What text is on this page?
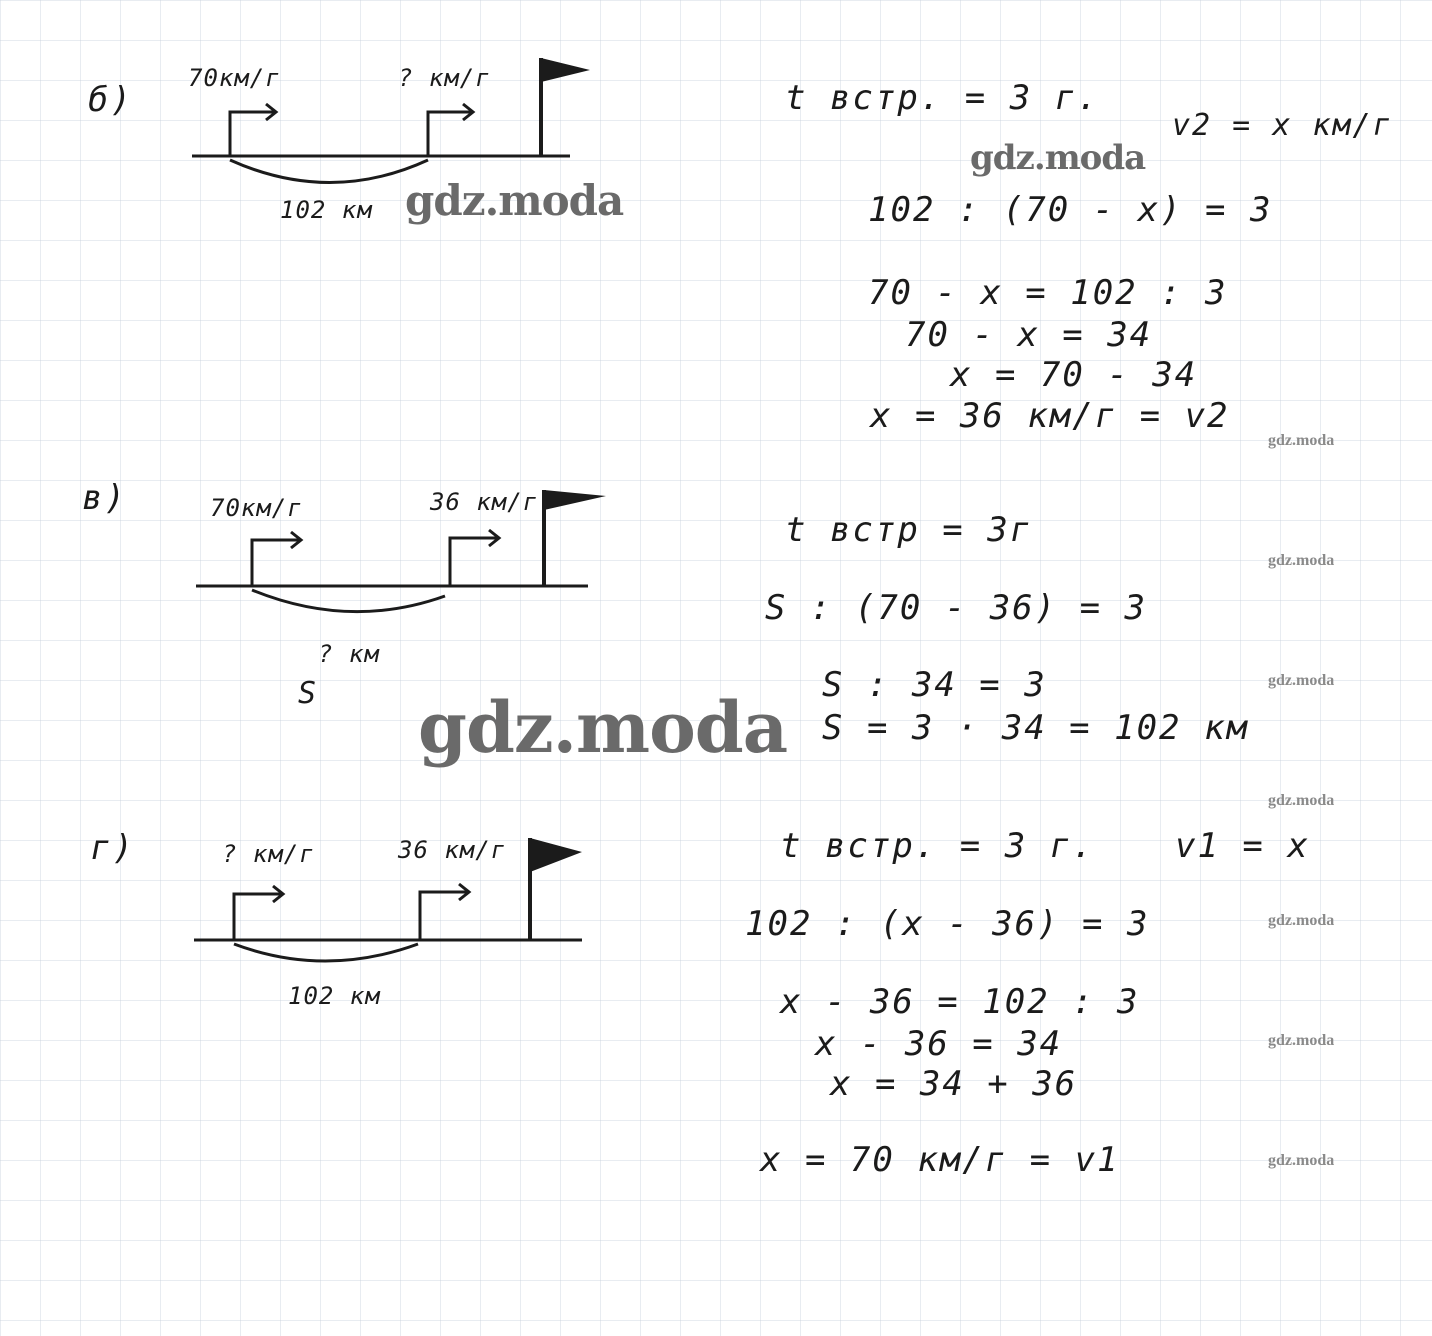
б)
70км/г	? км/г
102 км
t встр. = 3 г.
v2 = x км/г
102 : (70 - x) = 3
70 - x = 102 : 3
70 - x = 34
x = 70 - 34
x = 36 км/г = v2
в)	70км/г	36 км/г
? км
S
t встр = 3г
S : (70 - 36) = 3
S : 34 = 3
S = 3 · 34 = 102 км
г)	? км/г	36 км/г
102 км
t встр. = 3 г. v1 = x
102 : (x - 36) = 3
x - 36 = 102 : 3
x - 36 = 34
x = 34 + 36
x = 70 км/г = v1
gdz.moda
gdz.moda
gdz.moda
gdz.moda
gdz.moda
gdz.moda
gdz.moda
gdz.moda
gdz.moda
gdz.moda
